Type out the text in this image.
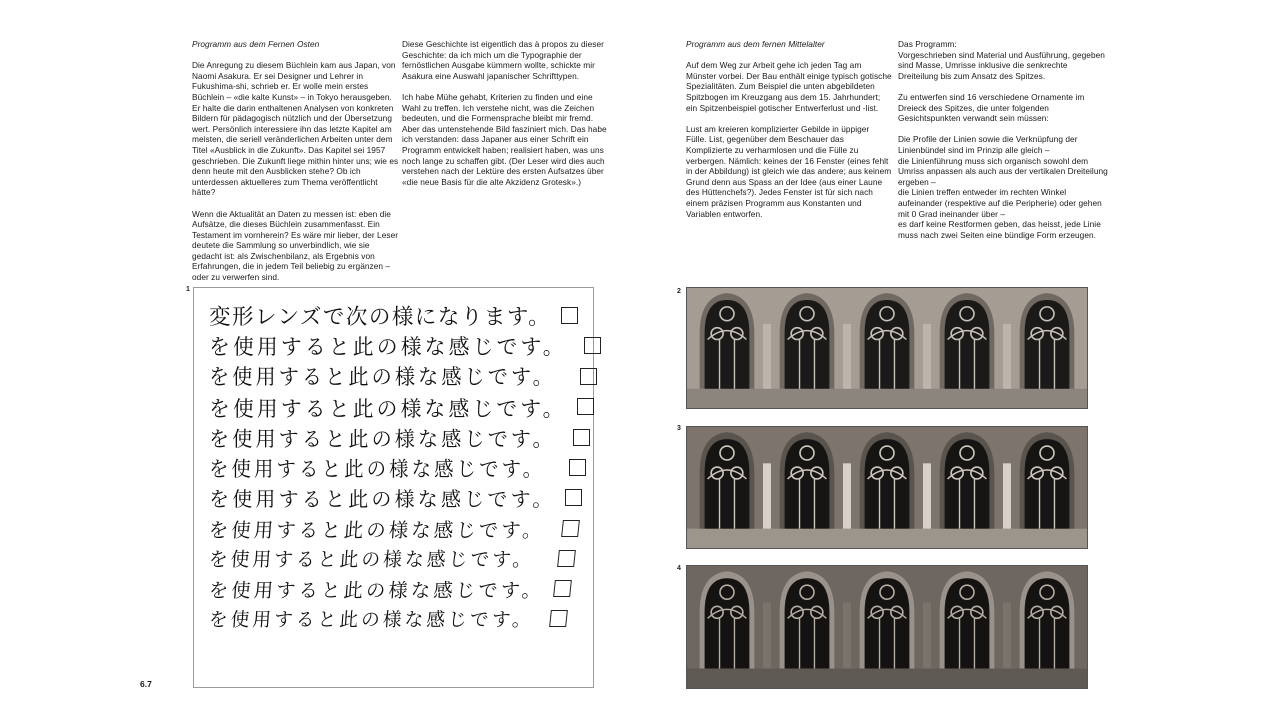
Programm aus dem Fernen Osten

Die Anregung zu diesem Büchlein kam aus Japan, von Naomi Asakura. Er sei Designer und Lehrer in Fukushima-shi, schrieb er. Er wolle mein erstes Büchlein – «die kalte Kunst» – in Tokyo herausgeben. Er halte die darin enthaltenen Analysen von konkreten Bildern für pädagogisch nützlich und der Übersetzung wert. Persönlich interessiere ihn das letzte Kapitel am meisten, die seriell veränderlichen Arbeiten unter dem Titel «Ausblick in die Zukunft». Das Kapitel sei 1957 geschrieben. Die Zukunft liege mithin hinter uns; wie es denn heute mit den Ausblicken stehe? Ob ich unterdessen aktuelleres zum Thema veröffentlicht hätte?

Wenn die Aktualität an Daten zu messen ist: eben die Aufsätze, die dieses Büchlein zusammenfasst. Ein Testament im vornherein? Es wäre mir lieber, der Leser deutete die Sammlung so unverbindlich, wie sie gedacht ist: als Zwischenbilanz, als Ergebnis von Erfahrungen, die in jedem Teil beliebig zu ergänzen – oder zu verwerfen sind.

Diese Geschichte ist eigentlich das à propos zu dieser Geschichte: da ich mich um die Typographie der fernöstlichen Ausgabe kümmern wollte, schickte mir Asakura eine Auswahl japanischer Schrifttypen.

Ich habe Mühe gehabt, Kriterien zu finden und eine Wahl zu treffen. Ich verstehe nicht, was die Zeichen bedeuten, und die Formensprache bleibt mir fremd. Aber das untenstehende Bild fasziniert mich. Das habe ich verstanden: dass Japaner aus einer Schrift ein Programm entwickelt haben; realisiert haben, was uns noch lange zu schaffen gibt. (Der Leser wird dies auch verstehen nach der Lektüre des ersten Aufsatzes über «die neue Basis für die alte Akzidenz Grotesk».)

Programm aus dem fernen Mittelalter

Auf dem Weg zur Arbeit gehe ich jeden Tag am Münster vorbei. Der Bau enthält einige typisch gotische Spezialitäten. Zum Beispiel die unten abgebildeten Spitzbogen im Kreuzgang aus dem 15. Jahrhundert; ein Spitzenbeispiel gotischer Entwerferlust und -list.

Lust am kreieren komplizierter Gebilde in üppiger Fülle. List, gegenüber dem Beschauer das Komplizierte zu verharmlosen und die Fülle zu verbergen. Nämlich: keines der 16 Fenster (eines fehlt in der Abbildung) ist gleich wie das andere; aus keinem Grund denn aus Spass an der Idee (aus einer Laune des Hüttenchefs?). Jedes Fenster ist für sich nach einem präzisen Programm aus Konstanten und Variablen entworfen.

Das Programm:

Vorgeschrieben sind Material und Ausführung, gegeben sind Masse, Umrisse inklusive die senkrechte Dreiteilung bis zum Ansatz des Spitzes.

Zu entwerfen sind 16 verschiedene Ornamente im Dreieck des Spitzes, die unter folgenden Gesichtspunkten verwandt sein müssen:

Die Profile der Linien sowie die Verknüpfung der Linienbündel sind im Prinzip alle gleich –
die Linienführung muss sich organisch sowohl dem Umriss anpassen als auch aus der vertikalen Dreiteilung ergeben –
die Linien treffen entweder im rechten Winkel aufeinander (respektive auf die Peripherie) oder gehen mit 0 Grad ineinander über –
es darf keine Restformen geben, das heisst, jede Linie muss nach zwei Seiten eine bündige Form erzeugen.

1
変形レンズで次の様になります。
を使用すると此の様な感じです。
を使用すると此の様な感じです。
を使用すると此の様な感じです。
を使用すると此の様な感じです。
を使用すると此の様な感じです。
を使用すると此の様な感じです。
を使用すると此の様な感じです。
を使用すると此の様な感じです。
を使用すると此の様な感じです。
を使用すると此の様な感じです。
2
3
4
6.7
